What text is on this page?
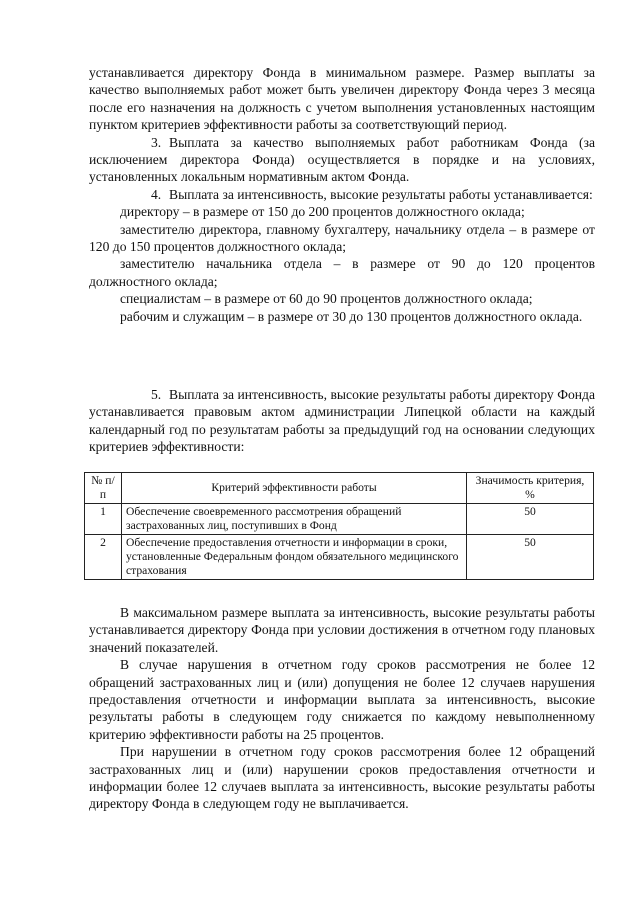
устанавливается директору Фонда в минимальном размере. Размер выплаты за качество выполняемых работ может быть увеличен директору Фонда через 3 месяца после его назначения на должность с учетом выполнения установленных настоящим пунктом критериев эффективности работы за соответствующий период.

3. Выплата за качество выполняемых работ работникам Фонда (за исключением директора Фонда) осуществляется в порядке и на условиях, установленных локальным нормативным актом Фонда.

4. Выплата за интенсивность, высокие результаты работы устанавливается:

директору – в размере от 150 до 200 процентов должностного оклада;

заместителю директора, главному бухгалтеру, начальнику отдела – в размере от 120 до 150 процентов должностного оклада;

заместителю начальника отдела – в размере от 90 до 120 процентов должностного оклада;

специалистам – в размере от 60 до 90 процентов должностного оклада;

рабочим и служащим – в размере от 30 до 130 процентов должностного оклада.

5. Выплата за интенсивность, высокие результаты работы директору Фонда устанавливается правовым актом администрации Липецкой области на каждый календарный год по результатам работы за предыдущий год на основании следующих критериев эффективности:

№ п/п	Критерий эффективности работы	Значимость критерия, %
1	Обеспечение своевременного рассмотрения обращений застрахованных лиц, поступивших в Фонд	50
2	Обеспечение предоставления отчетности и информации в сроки, установленные Федеральным фондом обязательного медицинского страхования	50

В максимальном размере выплата за интенсивность, высокие результаты работы устанавливается директору Фонда при условии достижения в отчетном году плановых значений показателей.

В случае нарушения в отчетном году сроков рассмотрения не более 12 обращений застрахованных лиц и (или) допущения не более 12 случаев нарушения предоставления отчетности и информации выплата за интенсивность, высокие результаты работы в следующем году снижается по каждому невыполненному критерию эффективности работы на 25 процентов.

При нарушении в отчетном году сроков рассмотрения более 12 обращений застрахованных лиц и (или) нарушении сроков предоставления отчетности и информации более 12 случаев выплата за интенсивность, высокие результаты работы директору Фонда в следующем году не выплачивается.
